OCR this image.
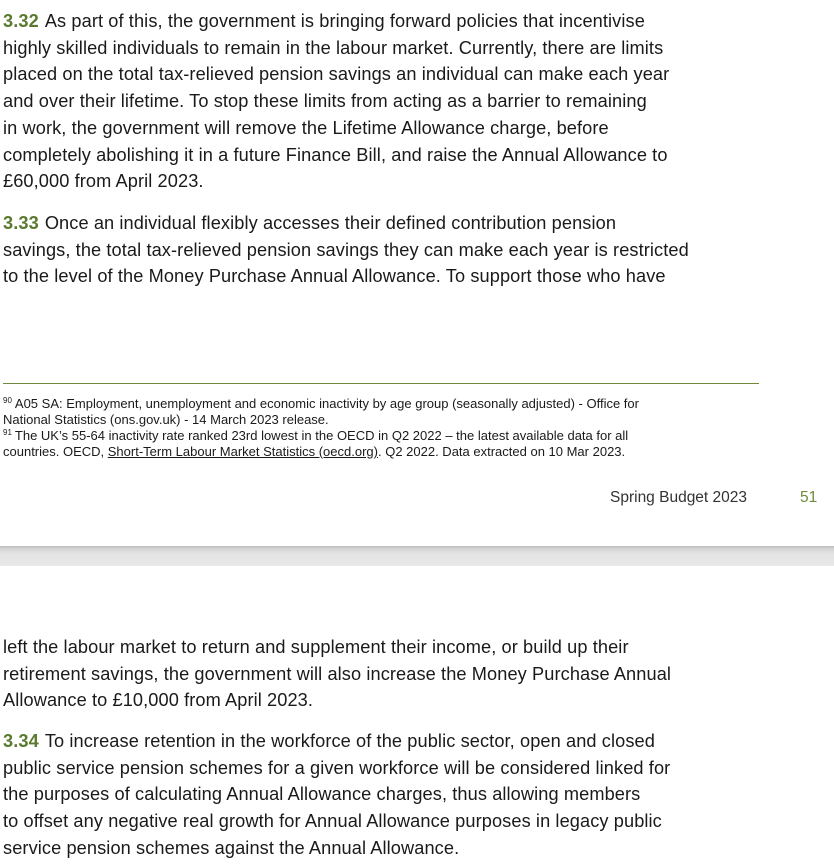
3.32 As part of this, the government is bringing forward policies that incentivise
highly skilled individuals to remain in the labour market. Currently, there are limits
placed on the total tax-relieved pension savings an individual can make each year
and over their lifetime. To stop these limits from acting as a barrier to remaining
in work, the government will remove the Lifetime Allowance charge, before
completely abolishing it in a future Finance Bill, and raise the Annual Allowance to
£60,000 from April 2023.

3.33 Once an individual flexibly accesses their defined contribution pension
savings, the total tax-relieved pension savings they can make each year is restricted
to the level of the Money Purchase Annual Allowance. To support those who have

$^{90}$ A05 SA: Employment, unemployment and economic inactivity by age group (seasonally adjusted) - Office for
National Statistics (ons.gov.uk) - 14 March 2023 release.

$^{91}$ The UK’s 55-64 inactivity rate ranked 23rd lowest in the OECD in Q2 2022 – the latest available data for all
countries. OECD, Short-Term Labour Market Statistics (oecd.org). Q2 2022. Data extracted on 10 Mar 2023.

Spring Budget 2023	51

left the labour market to return and supplement their income, or build up their
retirement savings, the government will also increase the Money Purchase Annual
Allowance to £10,000 from April 2023.

3.34 To increase retention in the workforce of the public sector, open and closed
public service pension schemes for a given workforce will be considered linked for
the purposes of calculating Annual Allowance charges, thus allowing members
to offset any negative real growth for Annual Allowance purposes in legacy public
service pension schemes against the Annual Allowance.
